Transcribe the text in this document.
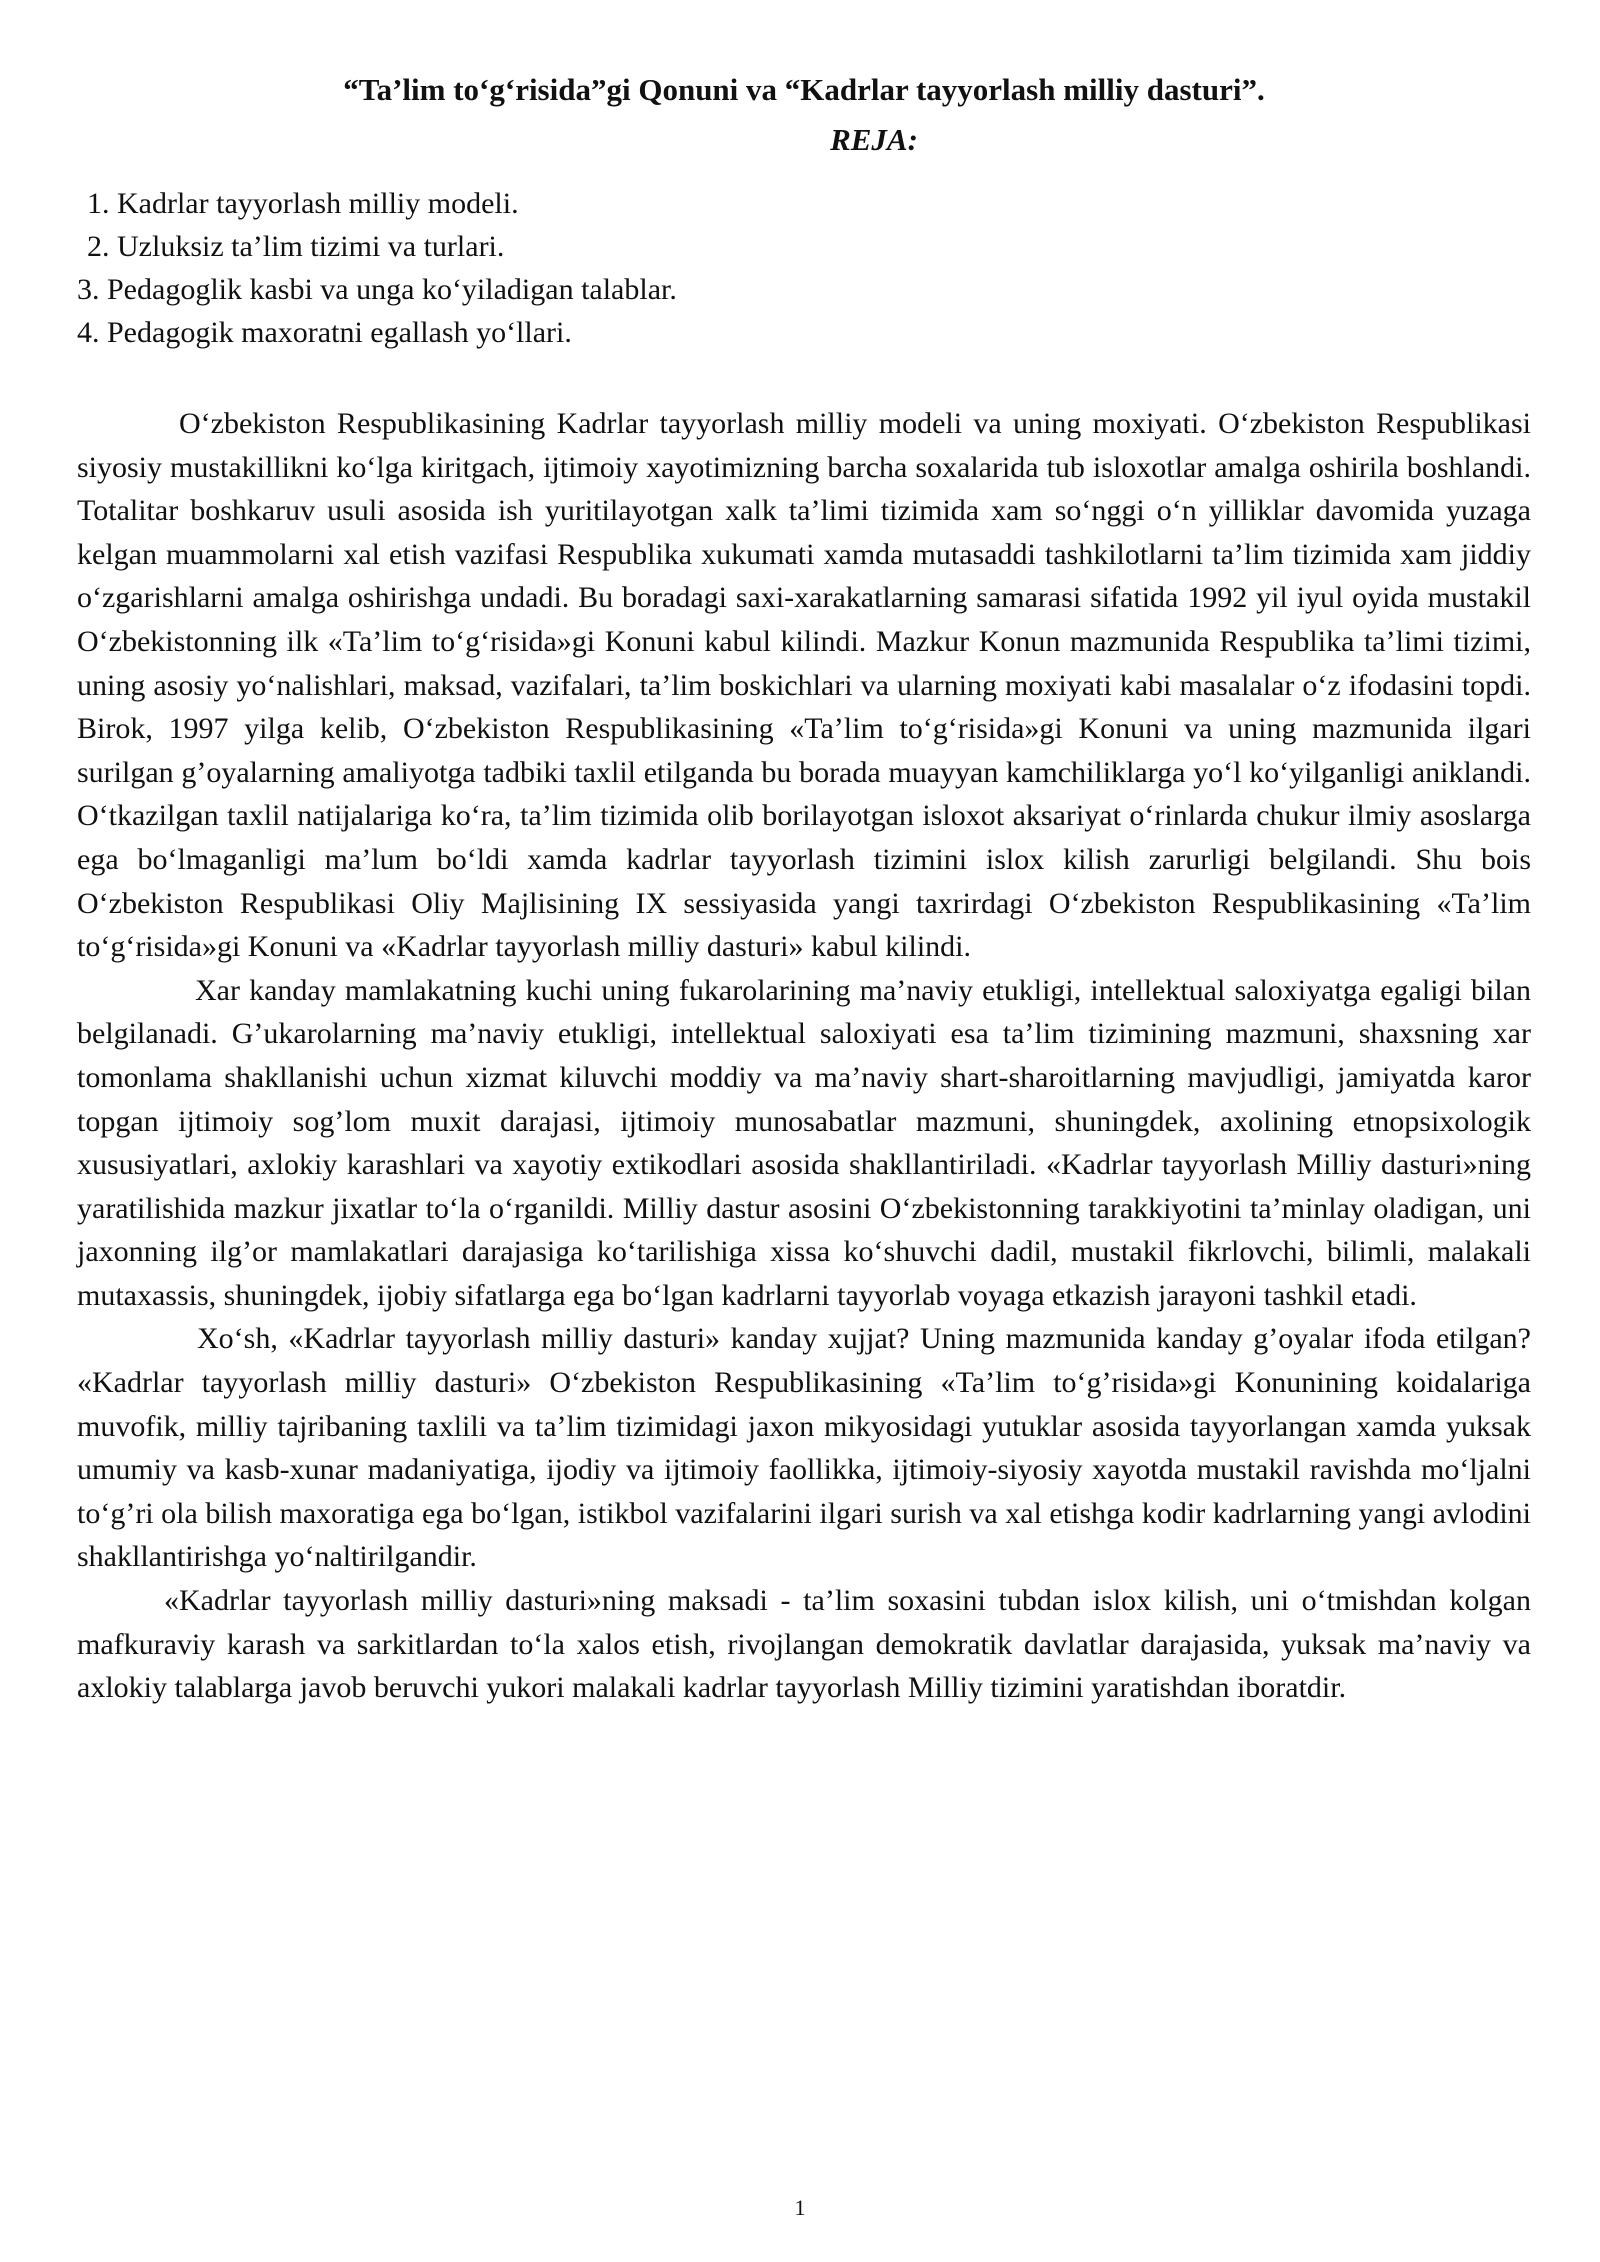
“Ta’lim to‘g‘risida”gi Qonuni va “Kadrlar tayyorlash milliy dasturi”.
REJA:
1. Kadrlar tayyorlash milliy modeli.
2. Uzluksiz ta’lim tizimi va turlari.
3. Pedagoglik kasbi va unga ko‘yiladigan talablar.
4. Pedagogik maxoratni egallash yo‘llari.

O‘zbekiston Respublikasining Kadrlar tayyorlash milliy modeli va uning moxiyati. O‘zbekiston Respublikasi siyosiy mustakillikni ko‘lga kiritgach, ijtimoiy xayotimizning barcha soxalarida tub isloxotlar amalga oshirila boshlandi. Totalitar boshkaruv usuli asosida ish yuritilayotgan xalk ta’limi tizimida xam so‘nggi o‘n yilliklar davomida yuzaga kelgan muammolarni xal etish vazifasi Respublika xukumati xamda mutasaddi tashkilotlarni ta’lim tizimida xam jiddiy o‘zgarishlarni amalga oshirishga undadi. Bu boradagi saxi-xarakatlarning samarasi sifatida 1992 yil iyul oyida mustakil O‘zbekistonning ilk «Ta’lim to‘g‘risida»gi Konuni kabul kilindi. Mazkur Konun mazmunida Respublika ta’limi tizimi, uning asosiy yo‘nalishlari, maksad, vazifalari, ta’lim boskichlari va ularning moxiyati kabi masalalar o‘z ifodasini topdi. Birok, 1997 yilga kelib, O‘zbekiston Respublikasining «Ta’lim to‘g‘risida»gi Konuni va uning mazmunida ilgari surilgan g’oyalarning amaliyotga tadbiki taxlil etilganda bu borada muayyan kamchiliklarga yo‘l ko‘yilganligi aniklandi. O‘tkazilgan taxlil natijalariga ko‘ra, ta’lim tizimida olib borilayotgan isloxot aksariyat o‘rinlarda chukur ilmiy asoslarga ega bo‘lmaganligi ma’lum bo‘ldi xamda kadrlar tayyorlash tizimini islox kilish zarurligi belgilandi. Shu bois O‘zbekiston Respublikasi Oliy Majlisining IX sessiyasida yangi taxrirdagi O‘zbekiston Respublikasining «Ta’lim to‘g‘risida»gi Konuni va «Kadrlar tayyorlash milliy dasturi» kabul kilindi.

Xar kanday mamlakatning kuchi uning fukarolarining ma’naviy etukligi, intellektual saloxiyatga egaligi bilan belgilanadi. G’ukarolarning ma’naviy etukligi, intellektual saloxiyati esa ta’lim tizimining mazmuni, shaxsning xar tomonlama shakllanishi uchun xizmat kiluvchi moddiy va ma’naviy shart-sharoitlarning mavjudligi, jamiyatda karor topgan ijtimoiy sog’lom muxit darajasi, ijtimoiy munosabatlar mazmuni, shuningdek, axolining etnopsixologik xususiyatlari, axlokiy karashlari va xayotiy extikodlari asosida shakllantiriladi. «Kadrlar tayyorlash Milliy dasturi»ning yaratilishida mazkur jixatlar to‘la o‘rganildi. Milliy dastur asosini O‘zbekistonning tarakkiyotini ta’minlay oladigan, uni jaxonning ilg’or mamlakatlari darajasiga ko‘tarilishiga xissa ko‘shuvchi dadil, mustakil fikrlovchi, bilimli, malakali mutaxassis, shuningdek, ijobiy sifatlarga ega bo‘lgan kadrlarni tayyorlab voyaga etkazish jarayoni tashkil etadi.

Xo‘sh, «Kadrlar tayyorlash milliy dasturi» kanday xujjat? Uning mazmunida kanday g’oyalar ifoda etilgan? «Kadrlar tayyorlash milliy dasturi» O‘zbekiston Respublikasining «Ta’lim to‘g’risida»gi Konunining koidalariga muvofik, milliy tajribaning taxlili va ta’lim tizimidagi jaxon mikyosidagi yutuklar asosida tayyorlangan xamda yuksak umumiy va kasb-xunar madaniyatiga, ijodiy va ijtimoiy faollikka, ijtimoiy-siyosiy xayotda mustakil ravishda mo‘ljalni to‘g’ri ola bilish maxoratiga ega bo‘lgan, istikbol vazifalarini ilgari surish va xal etishga kodir kadrlarning yangi avlodini shakllantirishga yo‘naltirilgandir.

«Kadrlar tayyorlash milliy dasturi»ning maksadi - ta’lim soxasini tubdan islox kilish, uni o‘tmishdan kolgan mafkuraviy karash va sarkitlardan to‘la xalos etish, rivojlangan demokratik davlatlar darajasida, yuksak ma’naviy va axlokiy talablarga javob beruvchi yukori malakali kadrlar tayyorlash Milliy tizimini yaratishdan iboratdir.

1
